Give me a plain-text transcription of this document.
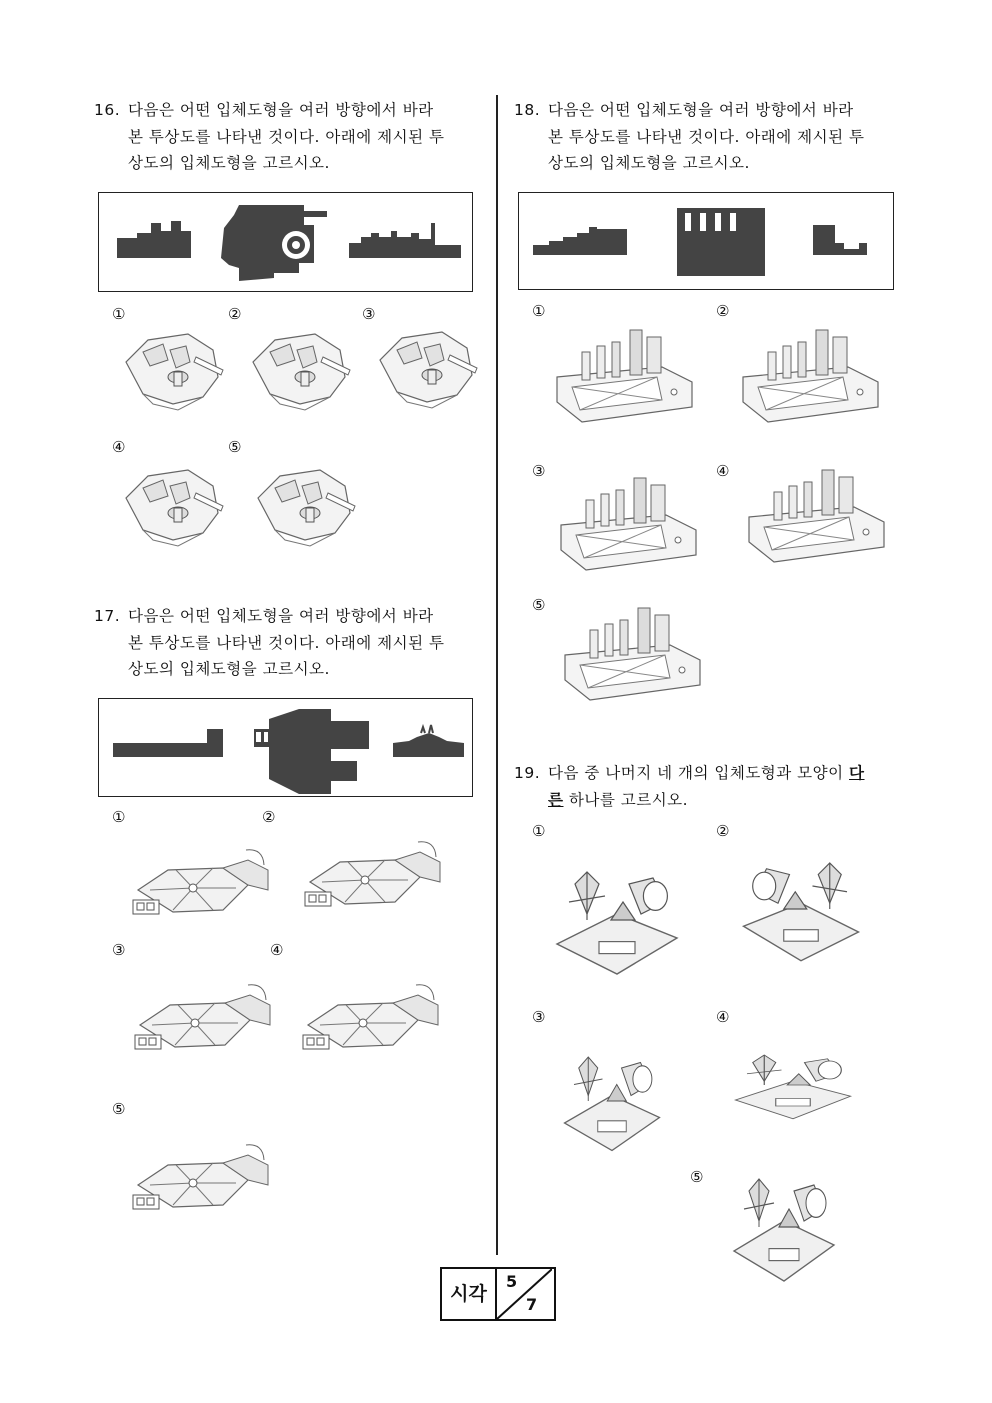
16. 다음은 어떤 입체도형을 여러 방향에서 바라
본 투상도를 나타낸 것이다. 아래에 제시된 투
상도의 입체도형을 고르시오.
①	②	③
④	⑤
17. 다음은 어떤 입체도형을 여러 방향에서 바라
본 투상도를 나타낸 것이다. 아래에 제시된 투
상도의 입체도형을 고르시오.
①	②
③	④
⑤
18. 다음은 어떤 입체도형을 여러 방향에서 바라
본 투상도를 나타낸 것이다. 아래에 제시된 투
상도의 입체도형을 고르시오.
①	②
③	④
⑤
19. 다음 중 나머지 네 개의 입체도형과 모양이 다
른 하나를 고르시오.
①	②
③	④
⑤
시각
5
7
